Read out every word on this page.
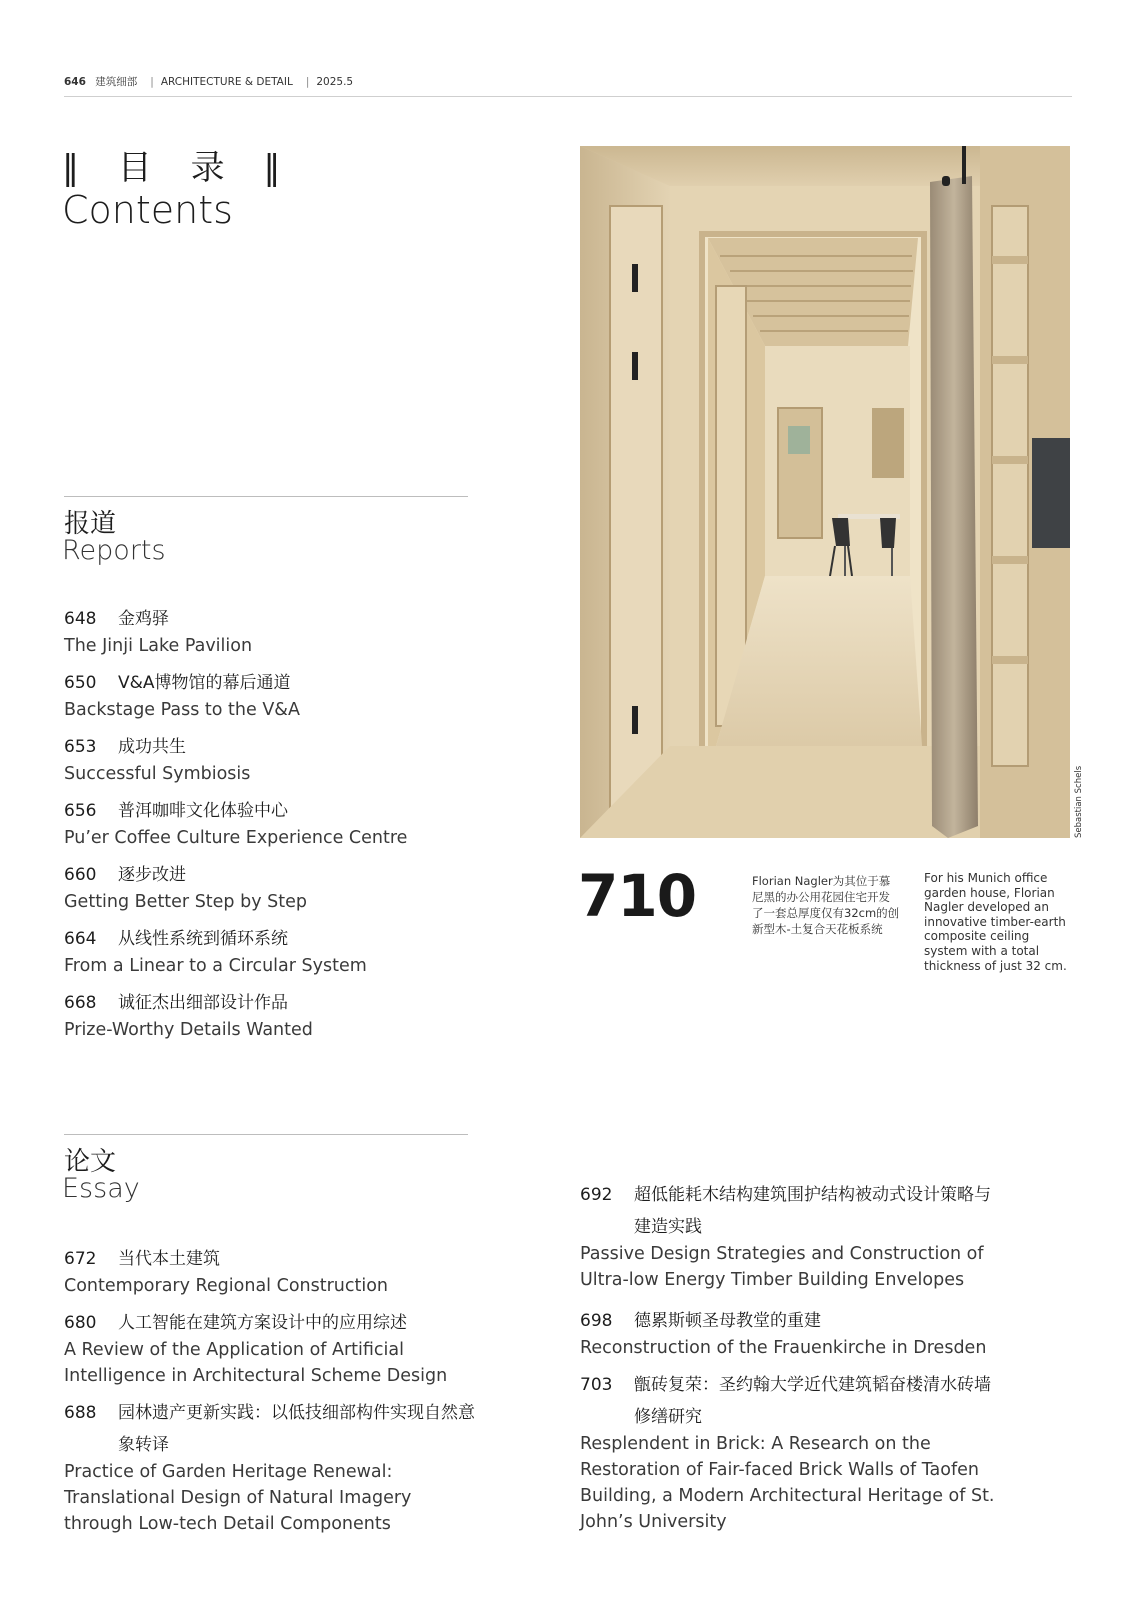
646 建筑细部 | ARCHITECTURE & DETAIL | 2025.5
‖ 目 录 ‖
Contents
报道
Reports
648	金鸡驿
The Jinji Lake Pavilion
650	V&A博物馆的幕后通道
Backstage Pass to the V&A
653	成功共生
Successful Symbiosis
656	普洱咖啡文化体验中心
Pu’er Coffee Culture Experience Centre
660	逐步改进
Getting Better Step by Step
664	从线性系统到循环系统
From a Linear to a Circular System
668	诚征杰出细部设计作品
Prize-Worthy Details Wanted
Sebastian Schels
710	Florian Nagler为其位于慕尼黑的办公用花园住宅开发了一套总厚度仅有32cm的创新型木-土复合天花板系统
For his Munich office garden house, Florian Nagler developed an innovative timber-earth composite ceiling system with a total thickness of just 32 cm.
论文
Essay
672	当代本土建筑
Contemporary Regional Construction
680	人工智能在建筑方案设计中的应用综述
A Review of the Application of Artificial Intelligence in Architectural Scheme Design
688	园林遗产更新实践：以低技细部构件实现自然意象转译
Practice of Garden Heritage Renewal: Translational Design of Natural Imagery through Low-tech Detail Components
692	超低能耗木结构建筑围护结构被动式设计策略与建造实践
Passive Design Strategies and Construction of Ultra-low Energy Timber Building Envelopes
698	德累斯顿圣母教堂的重建
Reconstruction of the Frauenkirche in Dresden
703	甑砖复荣：圣约翰大学近代建筑韬奋楼清水砖墙修缮研究
Resplendent in Brick: A Research on the Restoration of Fair-faced Brick Walls of Taofen Building, a Modern Architectural Heritage of St. John’s University
